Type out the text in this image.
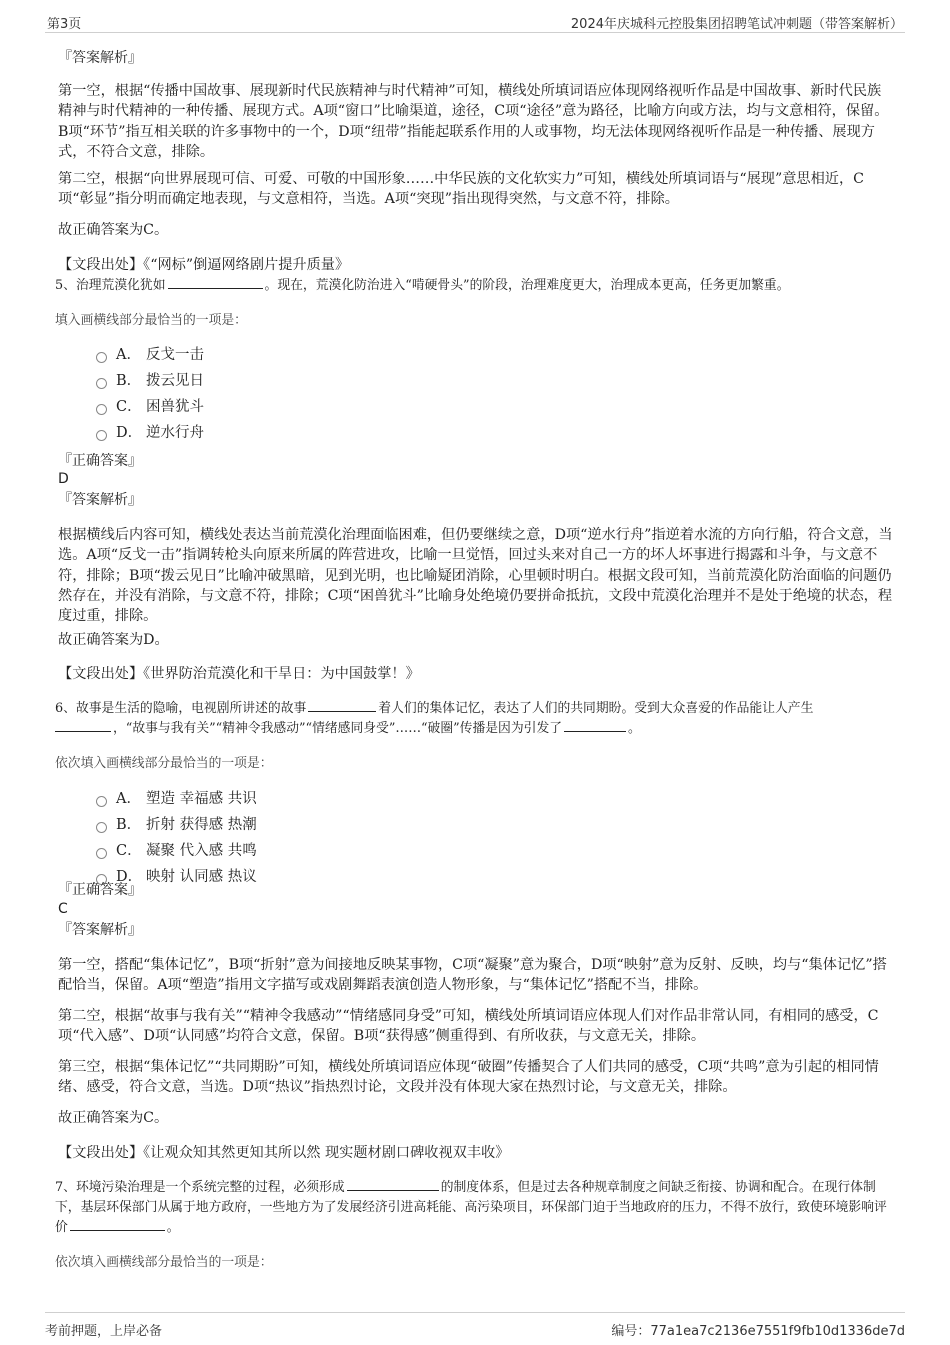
第3页	2024年庆城科元控股集团招聘笔试冲刺题（带答案解析）
『答案解析』
第一空，根据“传播中国故事、展现新时代民族精神与时代精神”可知，横线处所填词语应体现网络视听作品是中国故事、新时代民族精神与时代精神的一种传播、展现方式。A项“窗口”比喻渠道，途径，C项“途径”意为路径，比喻方向或方法，均与文意相符，保留。B项“环节”指互相关联的许多事物中的一个，D项“纽带”指能起联系作用的人或事物，均无法体现网络视听作品是一种传播、展现方式，不符合文意，排除。
第二空，根据“向世界展现可信、可爱、可敬的中国形象……中华民族的文化软实力”可知，横线处所填词语与“展现”意思相近，C项“彰显”指分明而确定地表现，与文意相符，当选。A项“突现”指出现得突然，与文意不符，排除。
故正确答案为C。
【文段出处】《“网标”倒逼网络剧片提升质量》
5、治理荒漠化犹如	。现在，荒漠化防治进入“啃硬骨头”的阶段，治理难度更大，治理成本更高，任务更加繁重。
填入画横线部分最恰当的一项是：
A． 反戈一击
B． 拨云见日
C． 困兽犹斗
D． 逆水行舟
『正确答案』
D
『答案解析』
根据横线后内容可知，横线处表达当前荒漠化治理面临困难，但仍要继续之意，D项“逆水行舟”指逆着水流的方向行船，符合文意，当选。A项“反戈一击”指调转枪头向原来所属的阵营进攻，比喻一旦觉悟，回过头来对自己一方的坏人坏事进行揭露和斗争，与文意不符，排除；B项“拨云见日”比喻冲破黑暗，见到光明，也比喻疑团消除，心里顿时明白。根据文段可知，当前荒漠化防治面临的问题仍然存在，并没有消除，与文意不符，排除；C项“困兽犹斗”比喻身处绝境仍要拼命抵抗，文段中荒漠化治理并不是处于绝境的状态，程度过重，排除。
故正确答案为D。
【文段出处】《世界防治荒漠化和干旱日：为中国鼓掌！》
6、故事是生活的隐喻，电视剧所讲述的故事	着人们的集体记忆，表达了人们的共同期盼。受到大众喜爱的作品能让人产生
，“故事与我有关”“精神令我感动”“情绪感同身受”……“破圈”传播是因为引发了	。
依次填入画横线部分最恰当的一项是：
A． 塑造 幸福感 共识
B． 折射 获得感 热潮
C． 凝聚 代入感 共鸣
D． 映射 认同感 热议
『正确答案』
C
『答案解析』
第一空，搭配“集体记忆”，B项“折射”意为间接地反映某事物，C项“凝聚”意为聚合，D项“映射”意为反射、反映，均与“集体记忆”搭配恰当，保留。A项“塑造”指用文字描写或戏剧舞蹈表演创造人物形象，与“集体记忆”搭配不当，排除。
第二空，根据“故事与我有关”“精神令我感动”“情绪感同身受”可知，横线处所填词语应体现人们对作品非常认同，有相同的感受，C项“代入感”、D项“认同感”均符合文意，保留。B项“获得感”侧重得到、有所收获，与文意无关，排除。
第三空，根据“集体记忆”“共同期盼”可知，横线处所填词语应体现“破圈”传播契合了人们共同的感受，C项“共鸣”意为引起的相同情绪、感受，符合文意，当选。D项“热议”指热烈讨论，文段并没有体现大家在热烈讨论，与文意无关，排除。
故正确答案为C。
【文段出处】《让观众知其然更知其所以然 现实题材剧口碑收视双丰收》
7、环境污染治理是一个系统完整的过程，必须形成	的制度体系，但是过去各种规章制度之间缺乏衔接、协调和配合。在现行体制下，基层环保部门从属于地方政府，一些地方为了发展经济引进高耗能、高污染项目，环保部门迫于当地政府的压力，不得不放行，致使环境影响评价	。
依次填入画横线部分最恰当的一项是：
考前押题，上岸必备	编号：77a1ea7c2136e7551f9fb10d1336de7d
